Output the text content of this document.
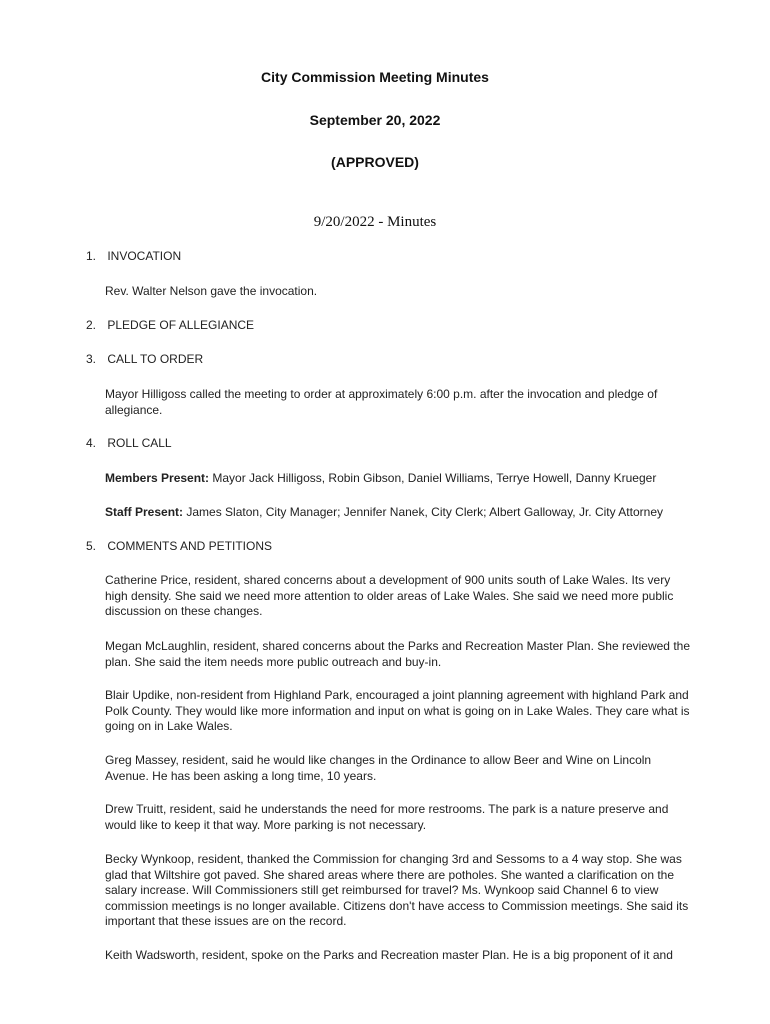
City Commission Meeting Minutes
September 20, 2022
(APPROVED)
9/20/2022 - Minutes
1. INVOCATION
Rev. Walter Nelson gave the invocation.
2. PLEDGE OF ALLEGIANCE
3. CALL TO ORDER
Mayor Hilligoss called the meeting to order at approximately 6:00 p.m. after the invocation and pledge of allegiance.
4. ROLL CALL
Members Present: Mayor Jack Hilligoss, Robin Gibson, Daniel Williams, Terrye Howell, Danny Krueger
Staff Present: James Slaton, City Manager; Jennifer Nanek, City Clerk; Albert Galloway, Jr. City Attorney
5. COMMENTS AND PETITIONS
Catherine Price, resident, shared concerns about a development of 900 units south of Lake Wales. Its very high density. She said we need more attention to older areas of Lake Wales. She said we need more public discussion on these changes.
Megan McLaughlin, resident, shared concerns about the Parks and Recreation Master Plan. She reviewed the plan. She said the item needs more public outreach and buy-in.
Blair Updike, non-resident from Highland Park, encouraged a joint planning agreement with highland Park and Polk County. They would like more information and input on what is going on in Lake Wales. They care what is going on in Lake Wales.
Greg Massey, resident, said he would like changes in the Ordinance to allow Beer and Wine on Lincoln Avenue. He has been asking a long time, 10 years.
Drew Truitt, resident, said he understands the need for more restrooms. The park is a nature preserve and would like to keep it that way. More parking is not necessary.
Becky Wynkoop, resident, thanked the Commission for changing 3rd and Sessoms to a 4 way stop. She was glad that Wiltshire got paved. She shared areas where there are potholes. She wanted a clarification on the salary increase. Will Commissioners still get reimbursed for travel? Ms. Wynkoop said Channel 6 to view commission meetings is no longer available. Citizens don't have access to Commission meetings. She said its important that these issues are on the record.
Keith Wadsworth, resident, spoke on the Parks and Recreation master Plan. He is a big proponent of it and
